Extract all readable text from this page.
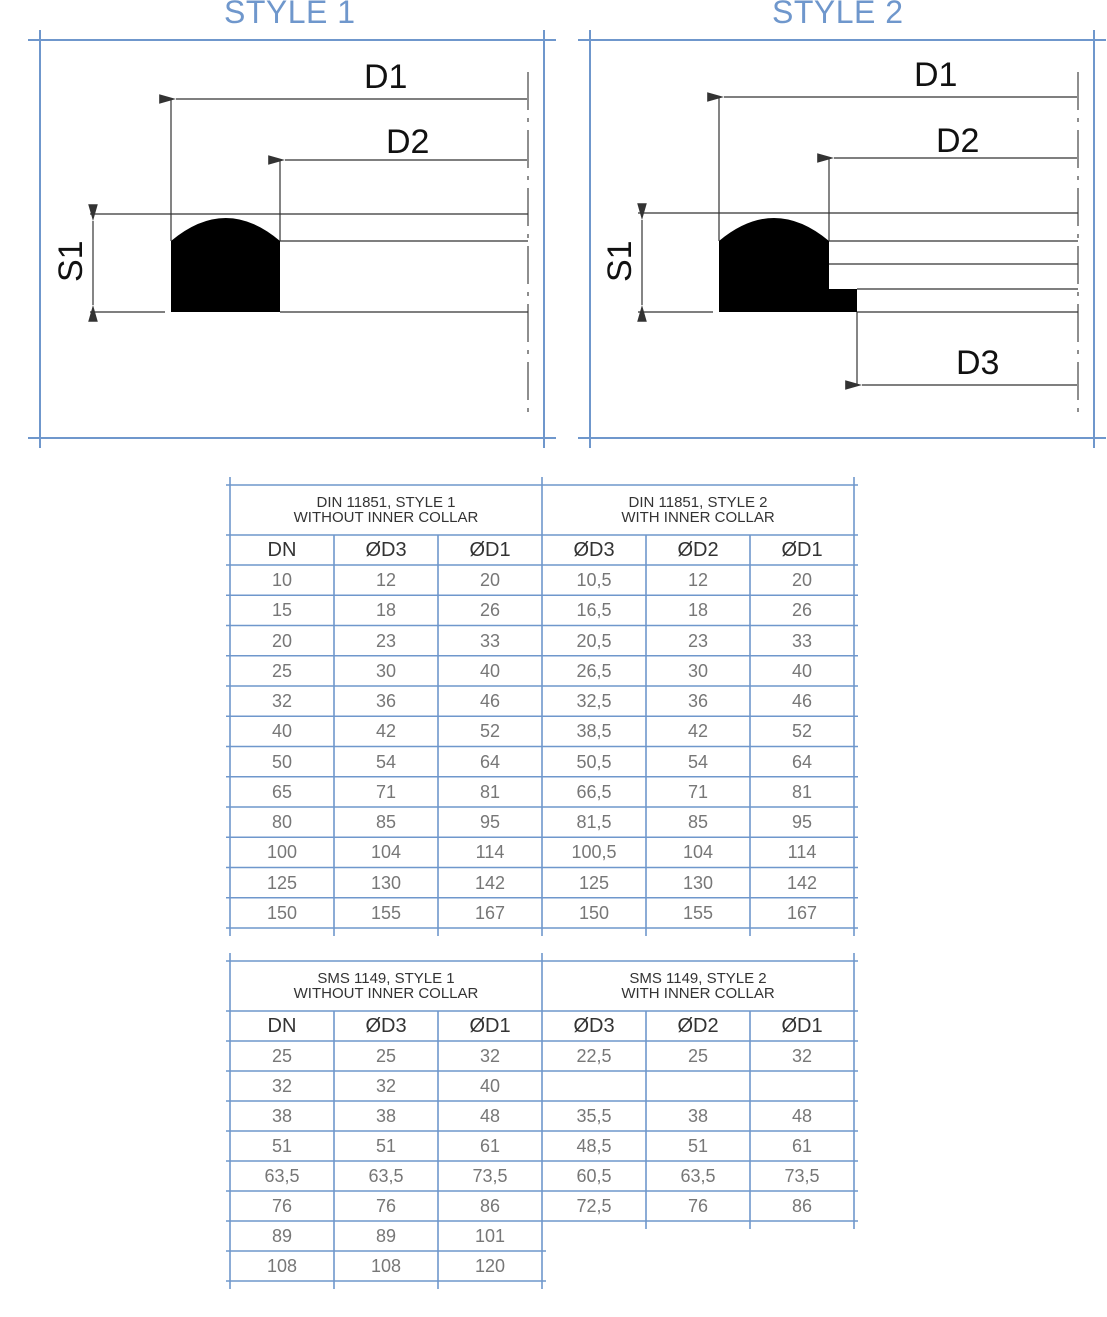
STYLE 1	STYLE 2
D1
D2
S1
D1
D2
D3
S1
DIN 11851, STYLE 1
WITHOUT INNER COLLAR
DIN 11851, STYLE 2
WITH INNER COLLAR
DN	ØD3	ØD1	ØD3	ØD2	ØD1
10	12	20	10,5	12	20
15	18	26	16,5	18	26
20	23	33	20,5	23	33
25	30	40	26,5	30	40
32	36	46	32,5	36	46
40	42	52	38,5	42	52
50	54	64	50,5	54	64
65	71	81	66,5	71	81
80	85	95	81,5	85	95
100	104	114	100,5	104	114
125	130	142	125	130	142
150	155	167	150	155	167
SMS 1149, STYLE 1
WITHOUT INNER COLLAR
SMS 1149, STYLE 2
WITH INNER COLLAR
DN	ØD3	ØD1	ØD3	ØD2	ØD1
25	25	32	22,5	25	32
32	32	40
38	38	48	35,5	38	48
51	51	61	48,5	51	61
63,5	63,5	73,5	60,5	63,5	73,5
76	76	86	72,5	76	86
89	89	101
108	108	120
